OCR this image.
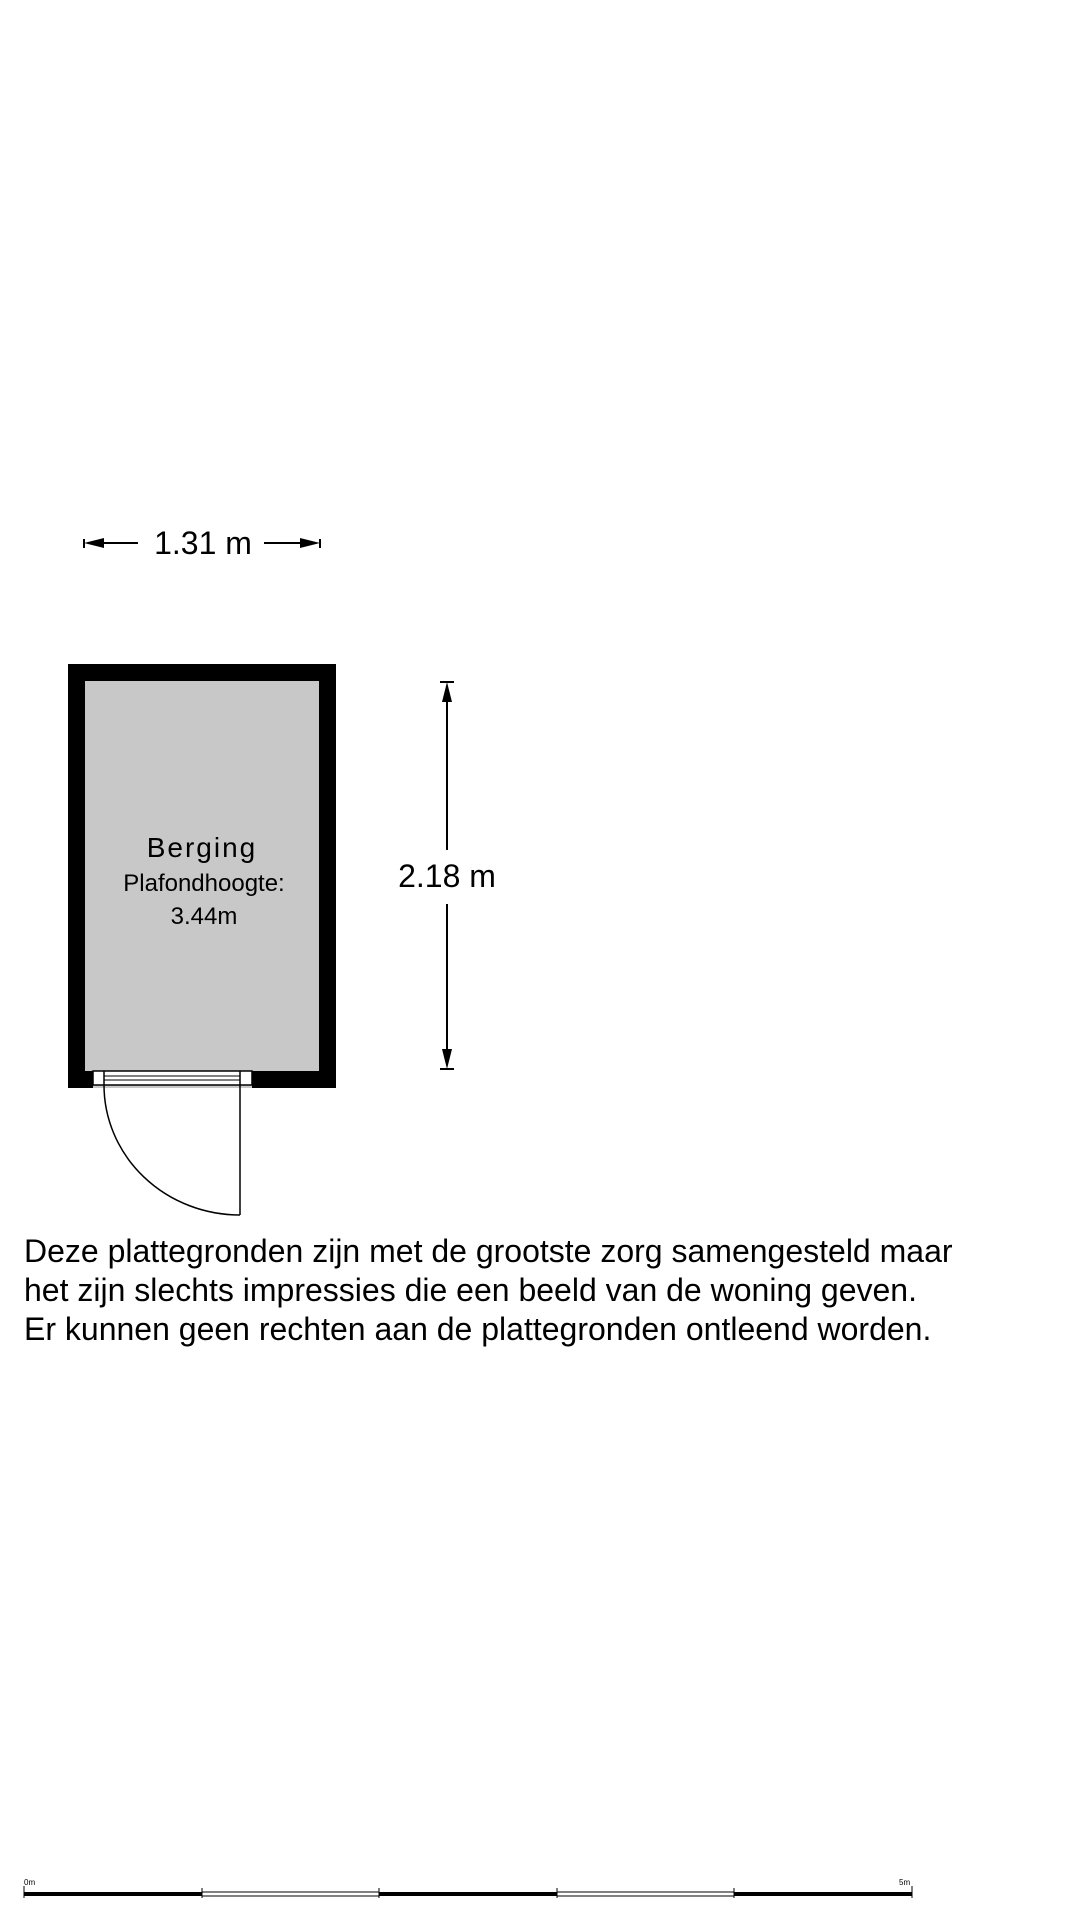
1.31 m
Berging
Plafondhoogte:
3.44m
2.18 m
0m	5m
Deze plattegronden zijn met de grootste zorg samengesteld maar
het zijn slechts impressies die een beeld van de woning geven.
Er kunnen geen rechten aan de plattegronden ontleend worden.
